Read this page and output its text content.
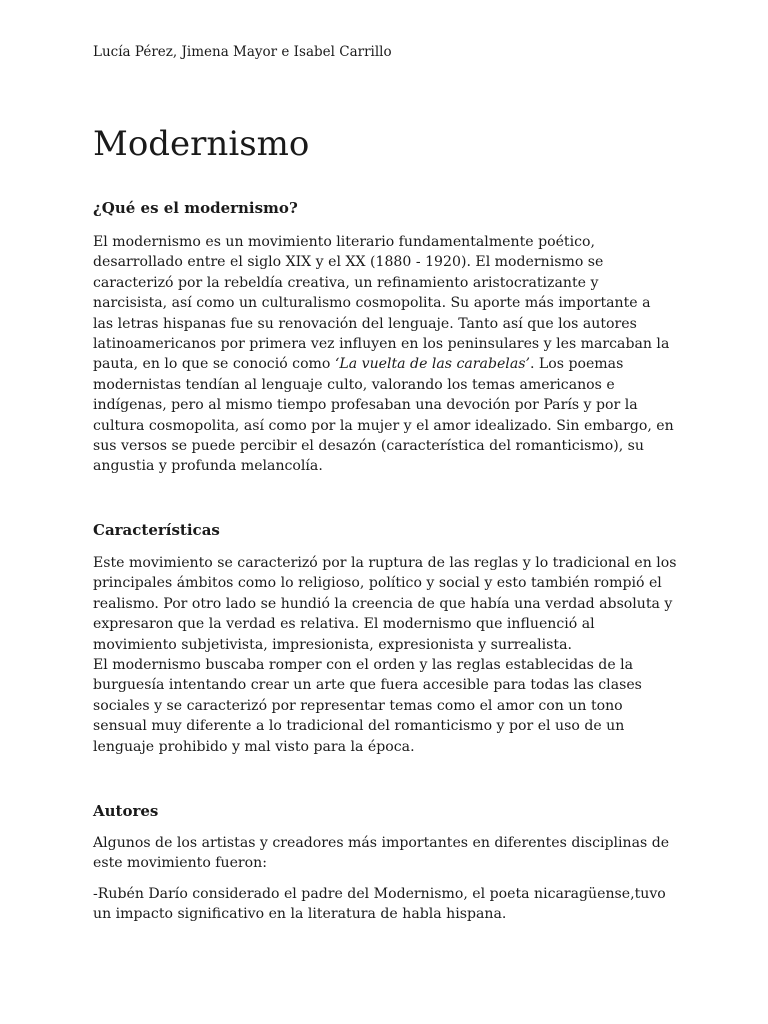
Lucía Pérez, Jimena Mayor e Isabel Carrillo
Modernismo
¿Qué es el modernismo?

El modernismo es un movimiento literario fundamentalmente poético,
desarrollado entre el siglo XIX y el XX (1880 - 1920). El modernismo se
caracterizó por la rebeldía creativa, un refinamiento aristocratizante y
narcisista, así como un culturalismo cosmopolita. Su aporte más importante a
las letras hispanas fue su renovación del lenguaje. Tanto así que los autores
latinoamericanos por primera vez influyen en los peninsulares y les marcaban la
pauta, en lo que se conoció como ‘La vuelta de las carabelas’. Los poemas
modernistas tendían al lenguaje culto, valorando los temas americanos e
indígenas, pero al mismo tiempo profesaban una devoción por París y por la
cultura cosmopolita, así como por la mujer y el amor idealizado. Sin embargo, en
sus versos se puede percibir el desazón (característica del romanticismo), su
angustia y profunda melancolía.

Características

Este movimiento se caracterizó por la ruptura de las reglas y lo tradicional en los
principales ámbitos como lo religioso, político y social y esto también rompió el
realismo. Por otro lado se hundió la creencia de que había una verdad absoluta y
expresaron que la verdad es relativa. El modernismo que influenció al
movimiento subjetivista, impresionista, expresionista y surrealista.
El modernismo buscaba romper con el orden y las reglas establecidas de la
burguesía intentando crear un arte que fuera accesible para todas las clases
sociales y se caracterizó por representar temas como el amor con un tono
sensual muy diferente a lo tradicional del romanticismo y por el uso de un
lenguaje prohibido y mal visto para la época.

Autores

Algunos de los artistas y creadores más importantes en diferentes disciplinas de
este movimiento fueron:

-Rubén Darío considerado el padre del Modernismo, el poeta nicaragüense,tuvo
un impacto significativo en la literatura de habla hispana.
